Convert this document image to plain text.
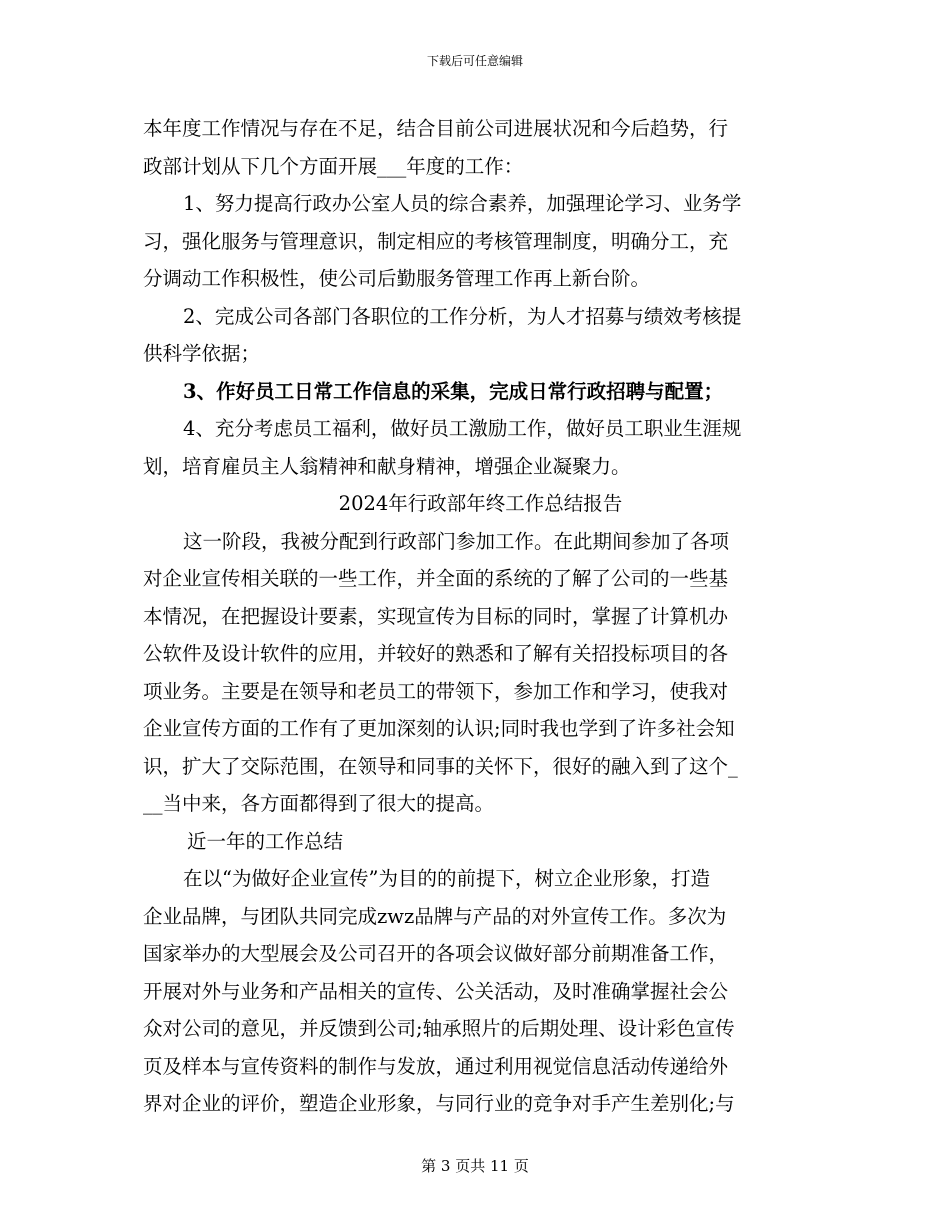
下载后可任意编辑
本年度工作情况与存在不足，结合目前公司进展状况和今后趋势，行
政部计划从下几个方面开展___年度的工作：
1、努力提高行政办公室人员的综合素养，加强理论学习、业务学
习，强化服务与管理意识，制定相应的考核管理制度，明确分工，充
分调动工作积极性，使公司后勤服务管理工作再上新台阶。
2、完成公司各部门各职位的工作分析，为人才招募与绩效考核提
供科学依据；
3、作好员工日常工作信息的采集，完成日常行政招聘与配置；
4、充分考虑员工福利，做好员工激励工作，做好员工职业生涯规
划，培育雇员主人翁精神和献身精神，增强企业凝聚力。
2024年行政部年终工作总结报告
这一阶段，我被分配到行政部门参加工作。在此期间参加了各项
对企业宣传相关联的一些工作，并全面的系统的了解了公司的一些基
本情况，在把握设计要素，实现宣传为目标的同时，掌握了计算机办
公软件及设计软件的应用，并较好的熟悉和了解有关招投标项目的各
项业务。主要是在领导和老员工的带领下，参加工作和学习，使我对
企业宣传方面的工作有了更加深刻的认识;同时我也学到了许多社会知
识，扩大了交际范围，在领导和同事的关怀下，很好的融入到了这个_
__当中来，各方面都得到了很大的提高。
近一年的工作总结
在以“为做好企业宣传”为目的的前提下，树立企业形象，打造
企业品牌，与团队共同完成zwz品牌与产品的对外宣传工作。多次为
国家举办的大型展会及公司召开的各项会议做好部分前期准备工作，
开展对外与业务和产品相关的宣传、公关活动，及时准确掌握社会公
众对公司的意见，并反馈到公司;轴承照片的后期处理、设计彩色宣传
页及样本与宣传资料的制作与发放，通过利用视觉信息活动传递给外
界对企业的评价，塑造企业形象，与同行业的竞争对手产生差别化;与
第 3 页共 11 页
